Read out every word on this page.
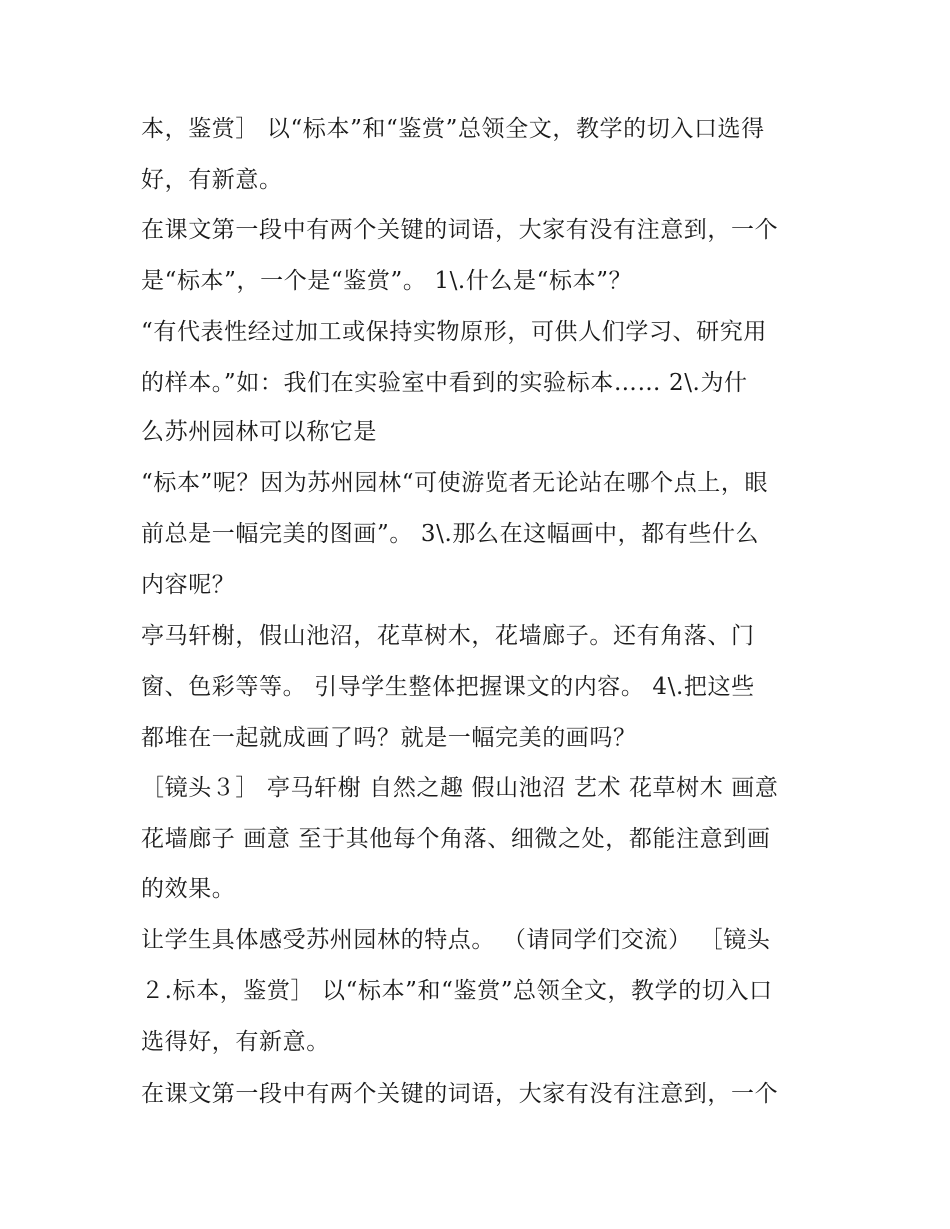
本，鉴赏］ 以“标本”和“鉴赏”总领全文，教学的切入口选得
好，有新意。
在课文第一段中有两个关键的词语，大家有没有注意到，一个
是“标本”，一个是“鉴赏”。 1\.什么是“标本”？
“有代表性经过加工或保持实物原形，可供人们学习、研究用
的样本。”如：我们在实验室中看到的实验标本…… 2\.为什
么苏州园林可以称它是
“标本”呢？因为苏州园林“可使游览者无论站在哪个点上，眼
前总是一幅完美的图画”。 3\.那么在这幅画中，都有些什么
内容呢？
亭马轩榭，假山池沼，花草树木，花墙廊子。还有角落、门
窗、色彩等等。 引导学生整体把握课文的内容。 4\.把这些
都堆在一起就成画了吗？就是一幅完美的画吗？
［镜头３］ 亭马轩榭 自然之趣 假山池沼 艺术 花草树木 画意
花墙廊子 画意 至于其他每个角落、细微之处，都能注意到画
的效果。
让学生具体感受苏州园林的特点。 （请同学们交流） ［镜头
２.标本，鉴赏］ 以“标本”和“鉴赏”总领全文，教学的切入口
选得好，有新意。
在课文第一段中有两个关键的词语，大家有没有注意到，一个
